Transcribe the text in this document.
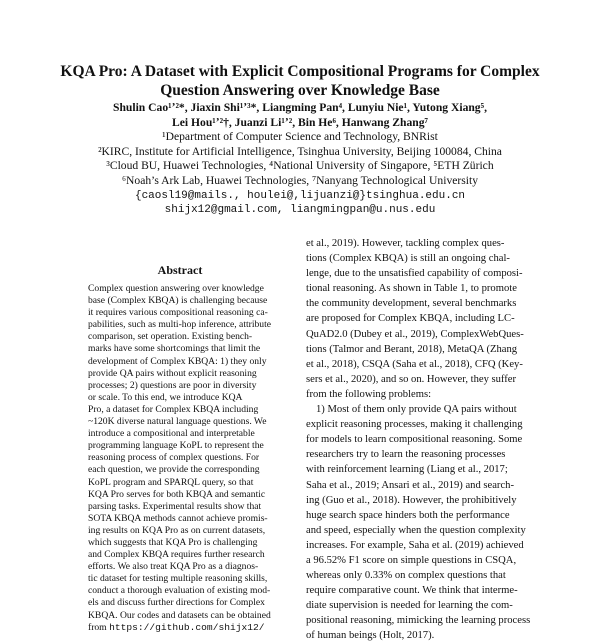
KQA Pro: A Dataset with Explicit Compositional Programs for Complex
Question Answering over Knowledge Base
Shulin Cao¹ʼ²*, Jiaxin Shi¹ʼ³*, Liangming Pan⁴, Lunyiu Nie¹, Yutong Xiang⁵,
Lei Hou¹ʼ²†, Juanzi Li¹ʼ², Bin He⁶, Hanwang Zhang⁷
¹Department of Computer Science and Technology, BNRist
²KIRC, Institute for Artificial Intelligence, Tsinghua University, Beijing 100084, China
³Cloud BU, Huawei Technologies, ⁴National University of Singapore, ⁵ETH Zürich
⁶Noah’s Ark Lab, Huawei Technologies, ⁷Nanyang Technological University
{caosl19@mails., houlei@,lijuanzi@}tsinghua.edu.cn
shijx12@gmail.com, liangmingpan@u.nus.edu
Abstract
Complex question answering over knowledge
base (Complex KBQA) is challenging because
it requires various compositional reasoning ca-
pabilities, such as multi-hop inference, attribute
comparison, set operation. Existing bench-
marks have some shortcomings that limit the
development of Complex KBQA: 1) they only
provide QA pairs without explicit reasoning
processes; 2) questions are poor in diversity
or scale. To this end, we introduce KQA
Pro, a dataset for Complex KBQA including
~120K diverse natural language questions. We
introduce a compositional and interpretable
programming language KoPL to represent the
reasoning process of complex questions. For
each question, we provide the corresponding
KoPL program and SPARQL query, so that
KQA Pro serves for both KBQA and semantic
parsing tasks. Experimental results show that
SOTA KBQA methods cannot achieve promis-
ing results on KQA Pro as on current datasets,
which suggests that KQA Pro is challenging
and Complex KBQA requires further research
efforts. We also treat KQA Pro as a diagnos-
tic dataset for testing multiple reasoning skills,
conduct a thorough evaluation of existing mod-
els and discuss further directions for Complex
KBQA. Our codes and datasets can be obtained
from https://github.com/shijx12/
et al., 2019). However, tackling complex ques-
tions (Complex KBQA) is still an ongoing chal-
lenge, due to the unsatisfied capability of composi-
tional reasoning. As shown in Table 1, to promote
the community development, several benchmarks
are proposed for Complex KBQA, including LC-
QuAD2.0 (Dubey et al., 2019), ComplexWebQues-
tions (Talmor and Berant, 2018), MetaQA (Zhang
et al., 2018), CSQA (Saha et al., 2018), CFQ (Key-
sers et al., 2020), and so on. However, they suffer
from the following problems:
1) Most of them only provide QA pairs without
explicit reasoning processes, making it challenging
for models to learn compositional reasoning. Some
researchers try to learn the reasoning processes
with reinforcement learning (Liang et al., 2017;
Saha et al., 2019; Ansari et al., 2019) and search-
ing (Guo et al., 2018). However, the prohibitively
huge search space hinders both the performance
and speed, especially when the question complexity
increases. For example, Saha et al. (2019) achieved
a 96.52% F1 score on simple questions in CSQA,
whereas only 0.33% on complex questions that
require comparative count. We think that interme-
diate supervision is needed for learning the com-
positional reasoning, mimicking the learning process
of human beings (Holt, 2017).
